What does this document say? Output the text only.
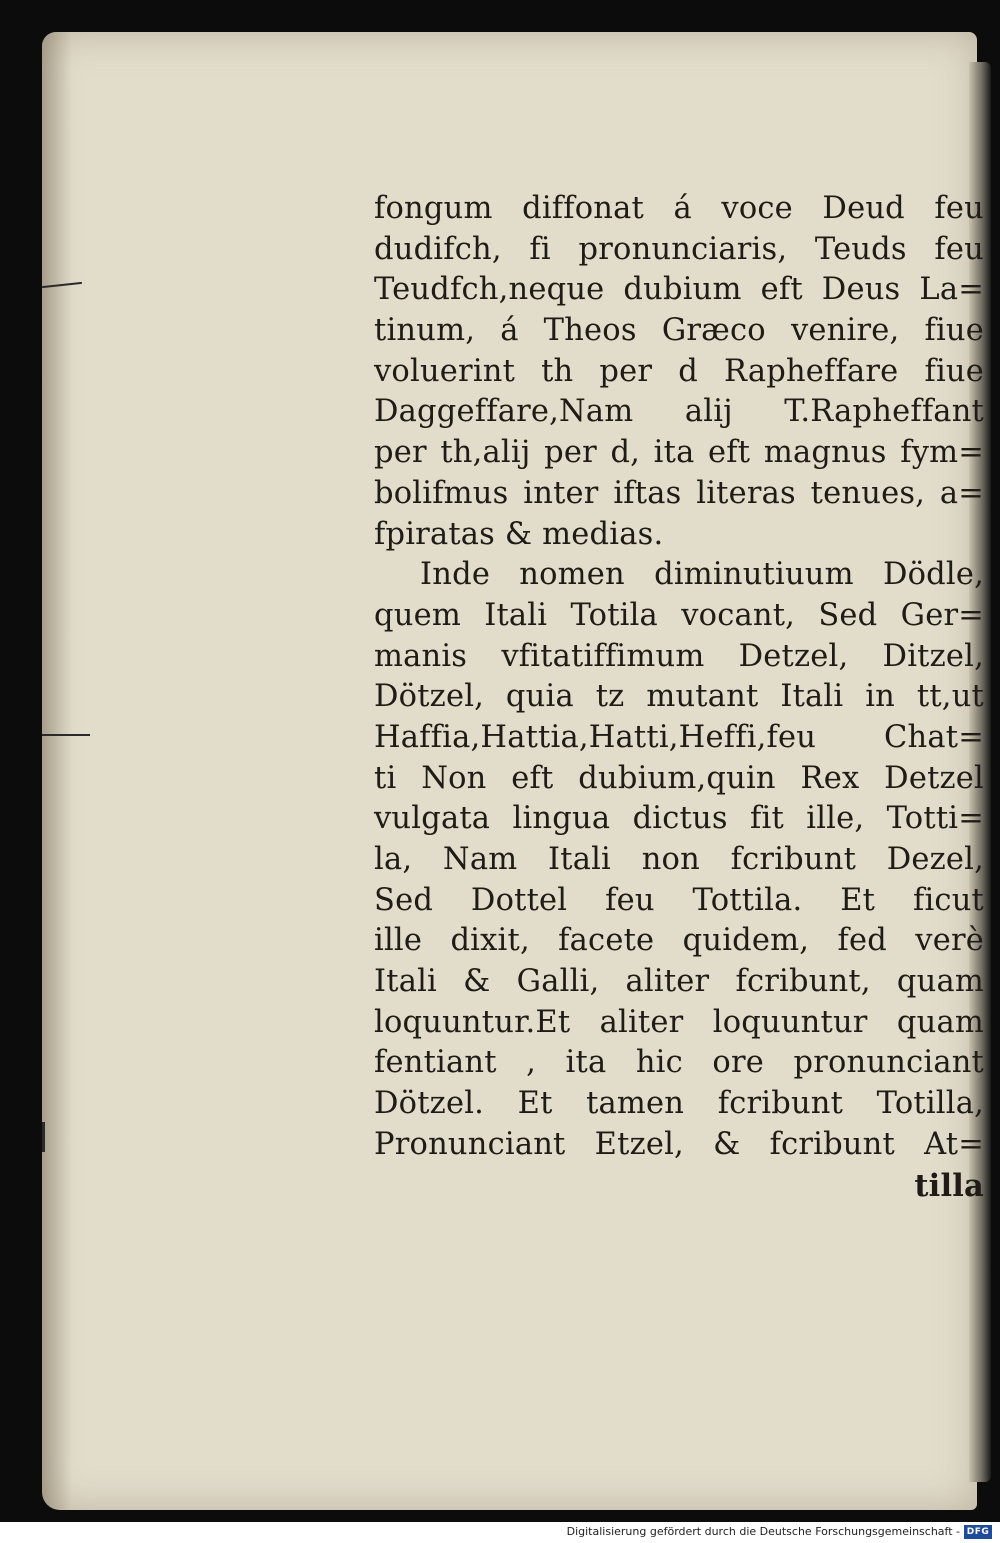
fongum diffonat á voce Deud feu
dudifch, fi pronunciaris, Teuds feu
Teudfch,neque dubium eft Deus La=
tinum, á Theos Græco venire, fiue
voluerint th per d Rapheffare fiue
Daggeffare,Nam alij T.Rapheffant
per th,alij per d, ita eft magnus fym=
bolifmus inter iftas literas tenues, a=
fpiratas & medias.
Inde nomen diminutiuum Dödle,
quem Itali Totila vocant, Sed Ger=
manis vfitatiffimum Detzel, Ditzel,
Dötzel, quia tz mutant Itali in tt,ut
Haffia,Hattia,Hatti,Heffi,feu Chat=
ti Non eft dubium,quin Rex Detzel
vulgata lingua dictus fit ille, Totti=
la, Nam Itali non fcribunt Dezel,
Sed Dottel feu Tottila. Et ficut
ille dixit, facete quidem, fed verè
Itali & Galli, aliter fcribunt, quam
loquuntur.Et aliter loquuntur quam
fentiant , ita hic ore pronunciant
Dötzel. Et tamen fcribunt Totilla,
Pronunciant Etzel, & fcribunt At=
tilla
Digitalisierung gefördert durch die Deutsche Forschungsgemeinschaft - DFG
